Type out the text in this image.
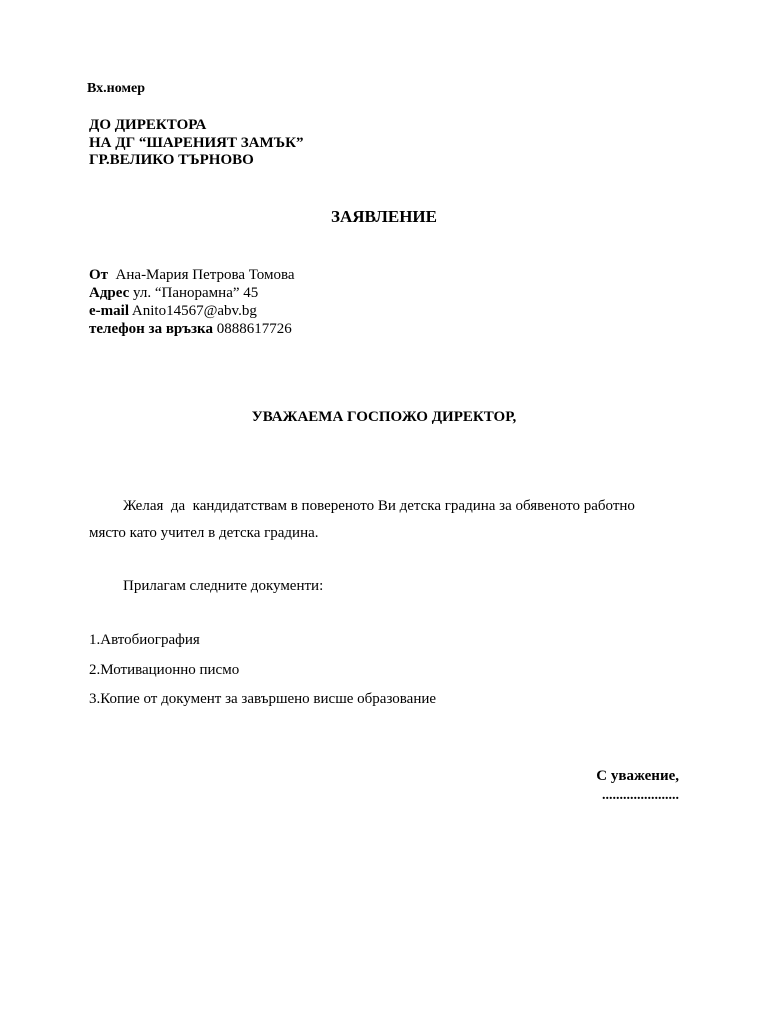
Вх.номер
ДО ДИРЕКТОРА
НА ДГ “ШАРЕНИЯТ ЗАМЪК”
ГР.ВЕЛИКО ТЪРНОВО
ЗАЯВЛЕНИЕ
От Ана-Мария Петрова Томова
Адрес ул. “Панорамна” 45
e-mail Anito14567@abv.bg
телефон за връзка 0888617726
УВАЖАЕМА ГОСПОЖО ДИРЕКТОР,
Желая  да  кандидатствам в повереното Ви детска градина за обявеното работно
място като учител в детска градина.
Прилагам следните документи:
1.Автобиография
2.Мотивационно писмо
3.Копие от документ за завършено висше образование
С уважение,
......................
